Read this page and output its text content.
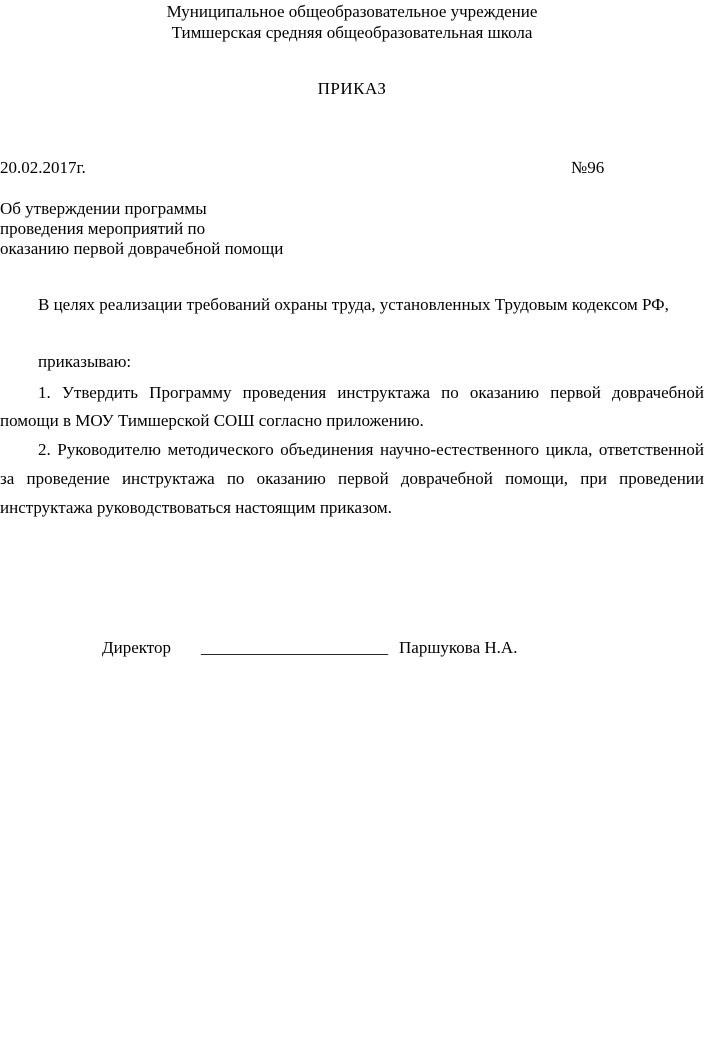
Муниципальное общеобразовательное учреждение
Тимшерская средняя общеобразовательная школа
ПРИКАЗ
20.02.2017г.	№96
Об утверждении программы
проведения мероприятий по
оказанию первой доврачебной помощи
В целях реализации требований охраны труда, установленных Трудовым кодексом РФ,
приказываю:
1. Утвердить Программу проведения инструктажа по оказанию первой доврачебной
помощи в МОУ Тимшерской СОШ согласно приложению.
2. Руководителю методического объединения научно-естественного цикла, ответственной
за проведение инструктажа по оказанию первой доврачебной помощи, при проведении
инструктажа руководствоваться настоящим приказом.
Директор ______________________ Паршукова Н.А.
